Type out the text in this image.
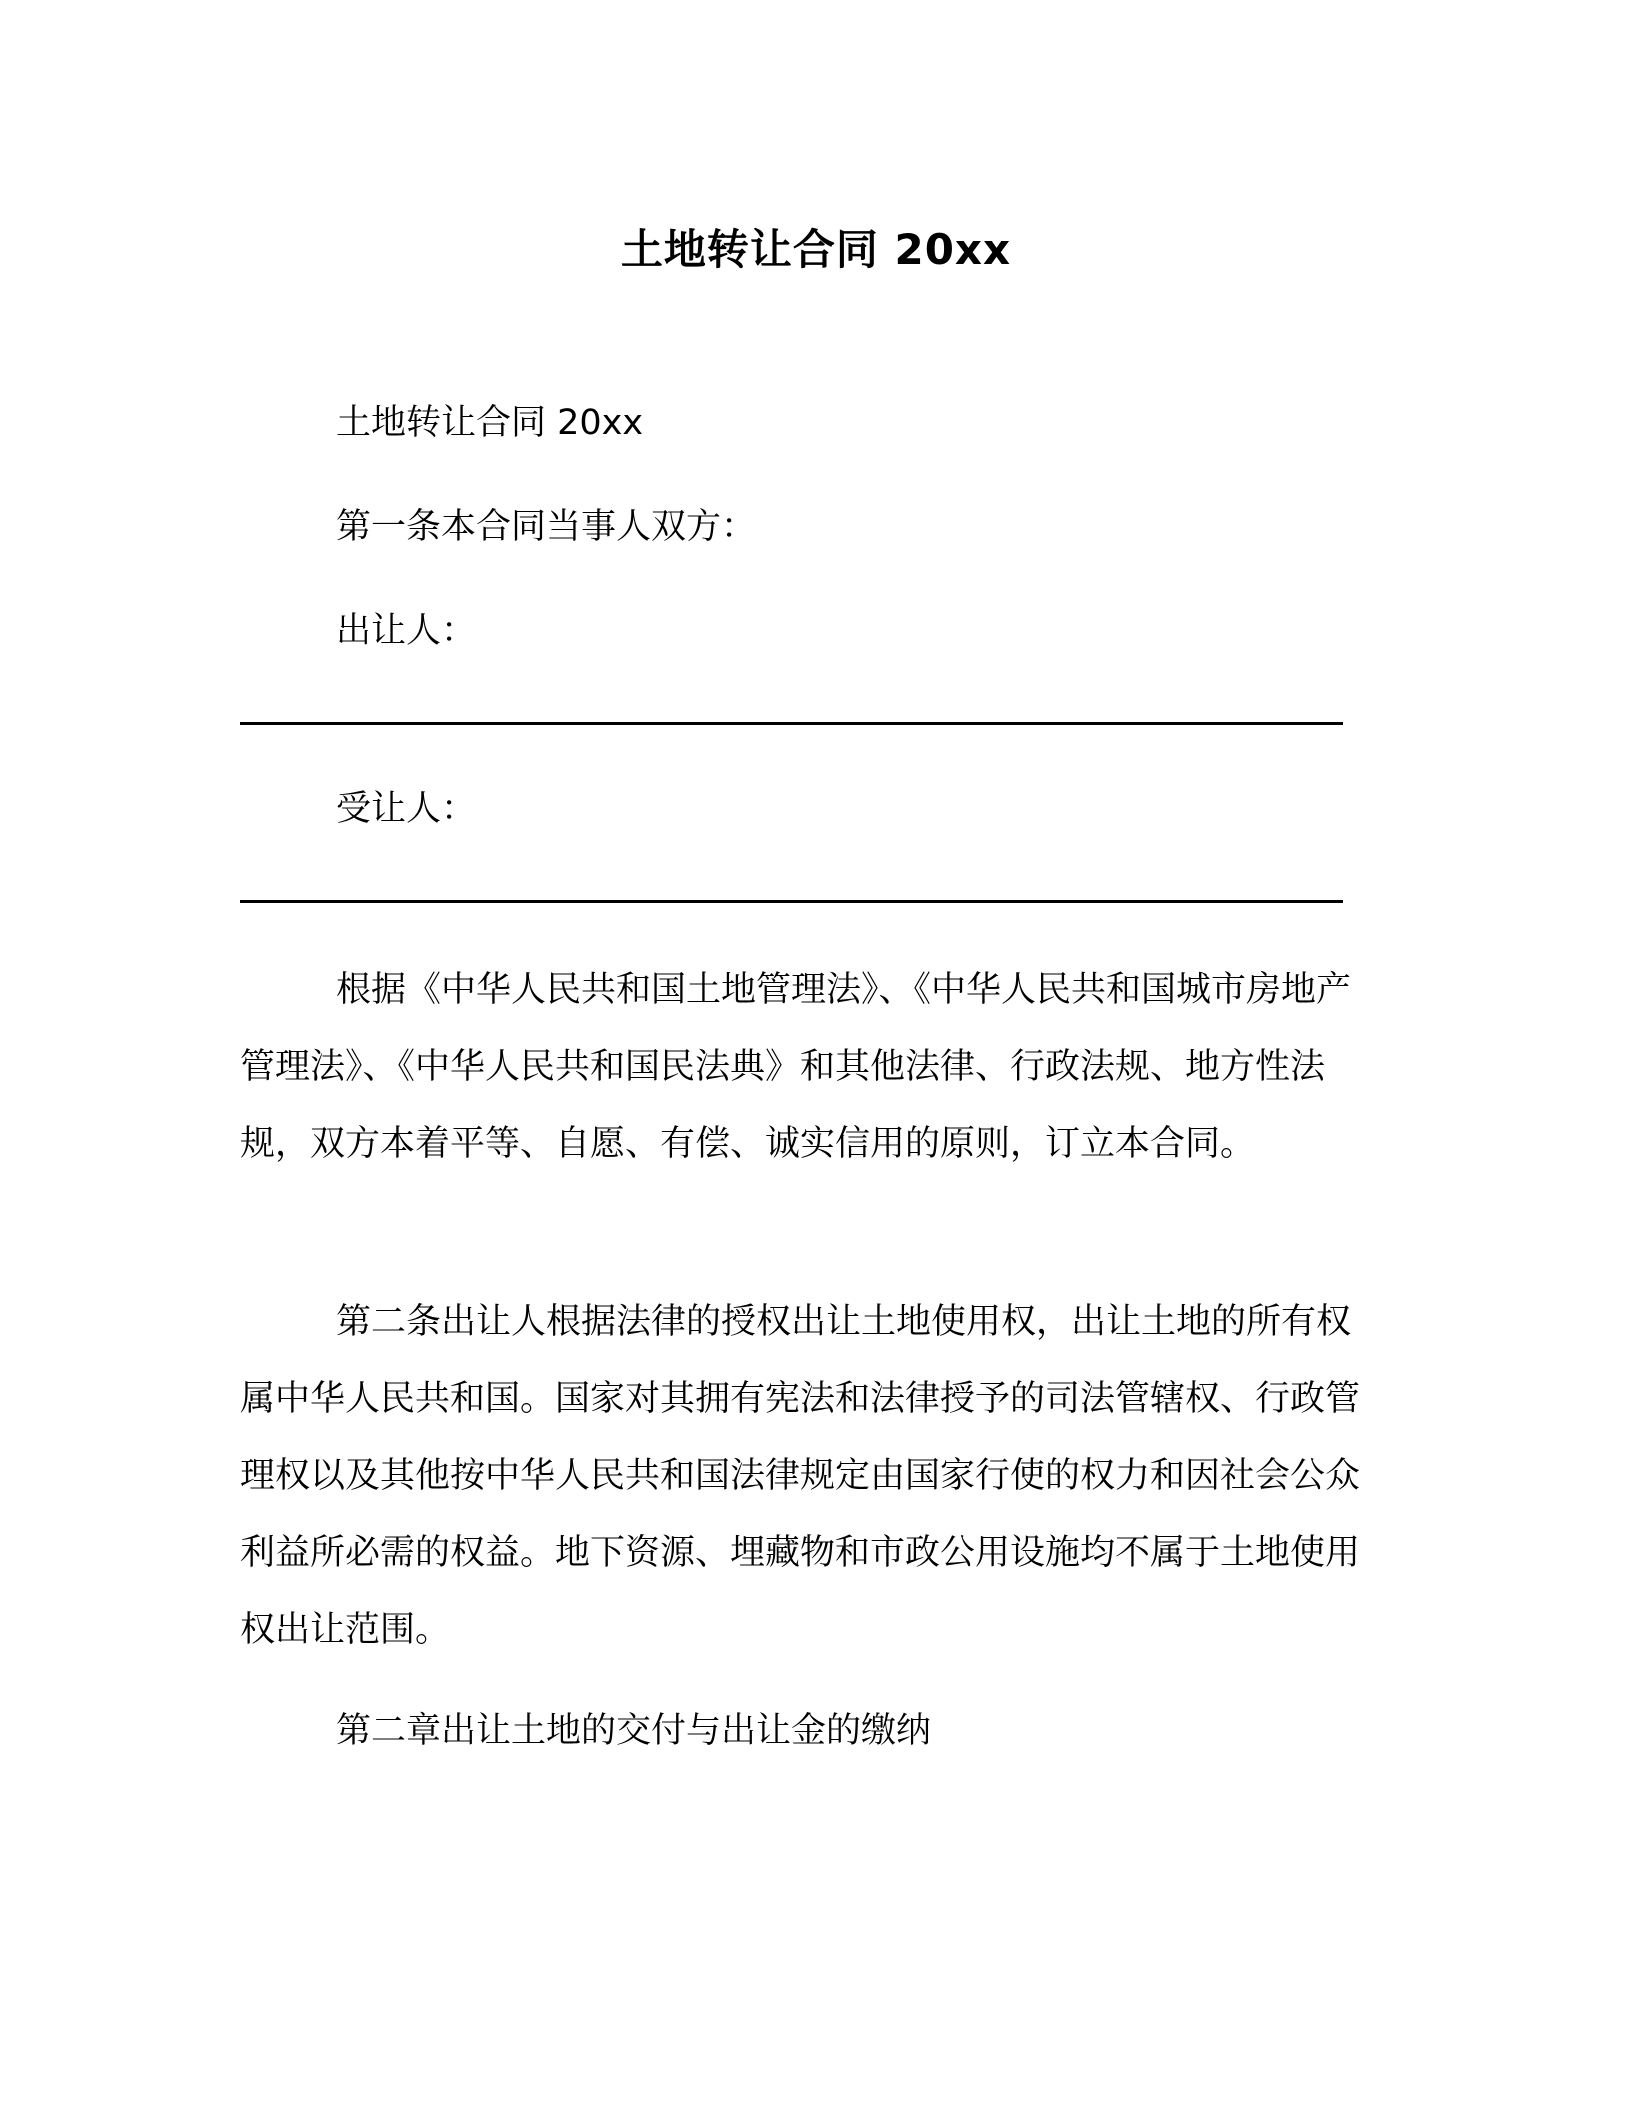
土地转让合同 20xx

土地转让合同 20xx

第一条本合同当事人双方：

出让人：

受让人：

根据《中华人民共和国土地管理法》、《中华人民共和国城市房地产管理法》、《中华人民共和国民法典》和其他法律、行政法规、地方性法规，双方本着平等、自愿、有偿、诚实信用的原则，订立本合同。

第二条出让人根据法律的授权出让土地使用权，出让土地的所有权属中华人民共和国。国家对其拥有宪法和法律授予的司法管辖权、行政管理权以及其他按中华人民共和国法律规定由国家行使的权力和因社会公众利益所必需的权益。地下资源、埋藏物和市政公用设施均不属于土地使用权出让范围。

第二章出让土地的交付与出让金的缴纳
